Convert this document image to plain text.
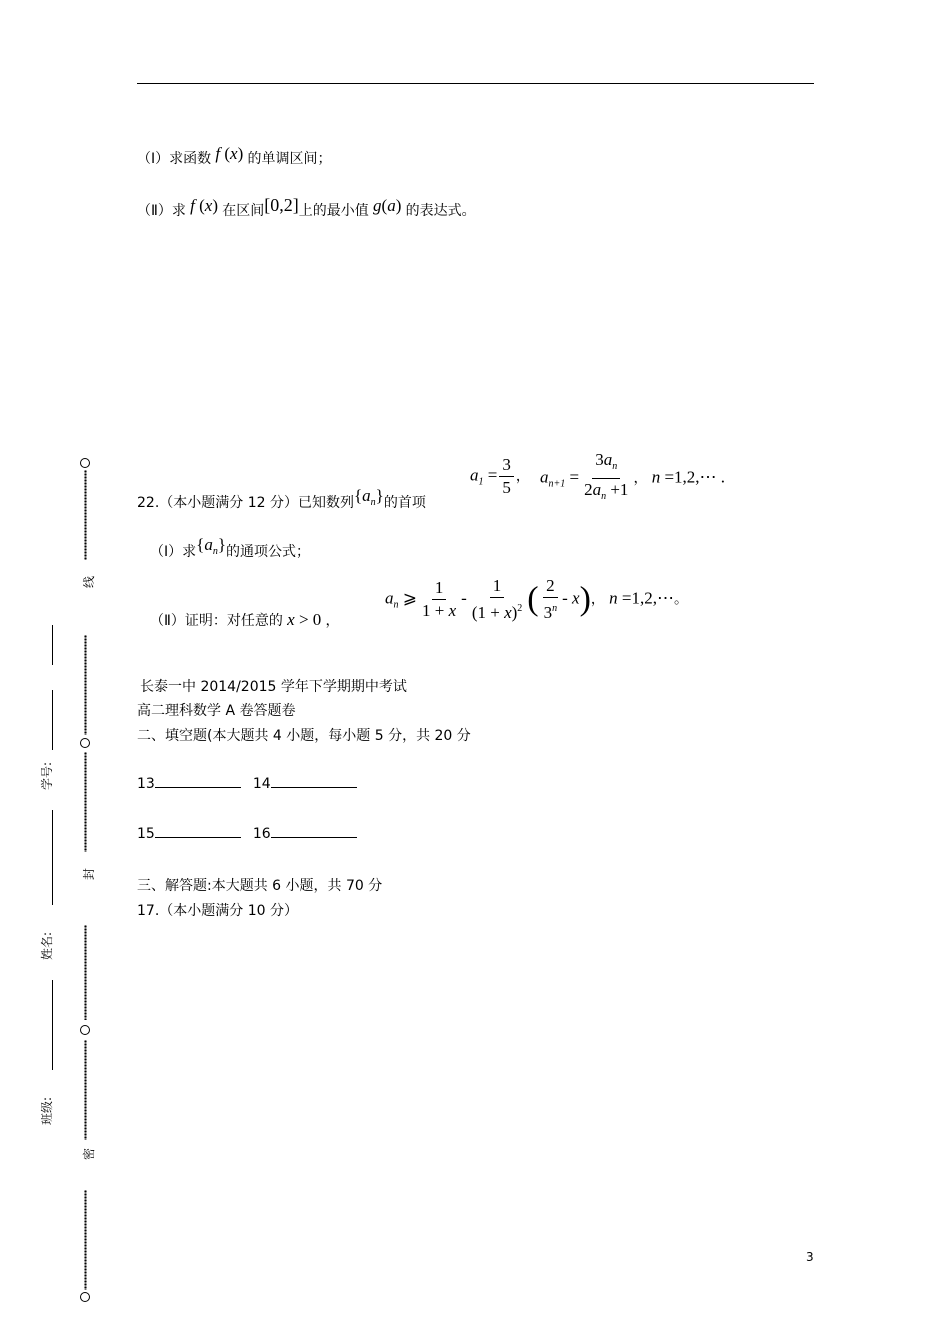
（Ⅰ）求函数 f (x) 的单调区间；
（Ⅱ）求 f (x) 在区间[0,2]上的最小值 g(a) 的表达式。
22.（本小题满分 12 分）已知数列$\{a_n\}$的首项
$a_1 = \frac{3}{5}$ ， $a_{n+1} = \frac{3a_n}{2a_n +1}$ ， n =1,2,⋯ .
（Ⅰ）求$\{a_n\}$的通项公式；
（Ⅱ）证明：对任意的 x > 0 ，
$a_n$ ⩾ $\frac{1}{1 + x} - \frac{1}{(1 + x)^2}$ ( $\frac{2}{3^n} - x$)， n =1,2,⋯。
长泰一中 2014/2015 学年下学期期中考试
高二理科数学 A 卷答题卷
二、填空题(本大题共 4 小题，每小题 5 分，共 20 分
13	14
15	16
三、解答题:本大题共 6 小题，共 70 分
17.（本小题满分 10 分）
线
封
密
学号:
姓名:
班级:
3
